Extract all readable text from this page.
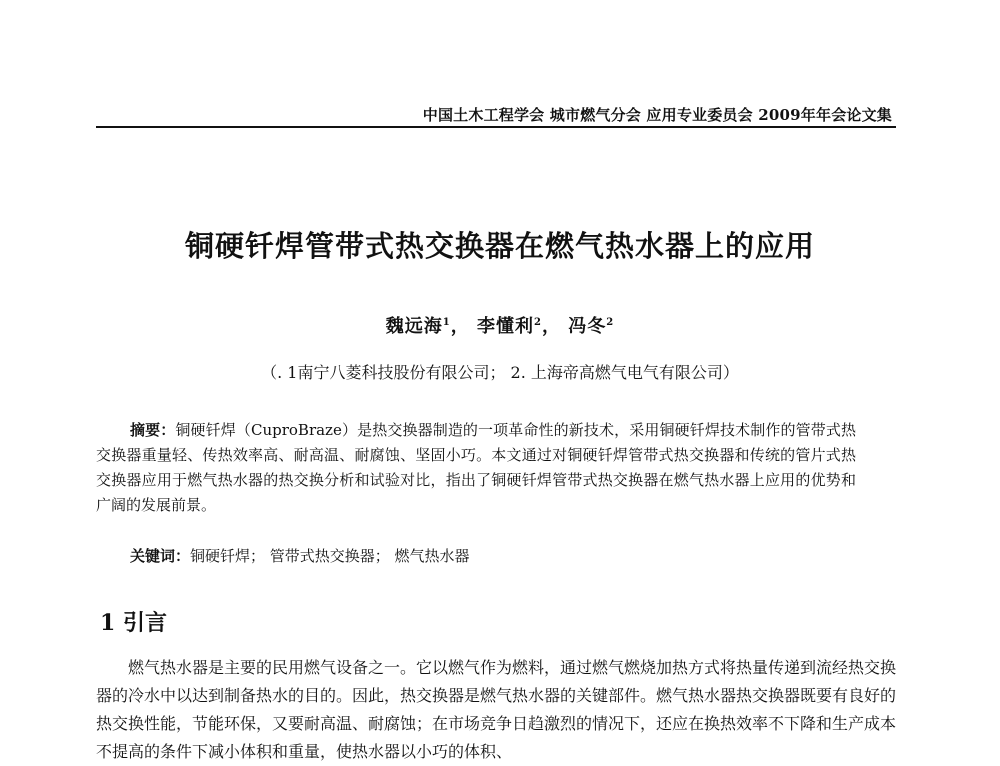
中国土木工程学会 城市燃气分会 应用专业委员会 2009年年会论文集
铜硬钎焊管带式热交换器在燃气热水器上的应用
魏远海$^1$， 李懂利$^2$， 冯冬$^2$
（. 1南宁八菱科技股份有限公司； 2. 上海帝高燃气电气有限公司）

摘要：铜硬钎焊（CuproBraze）是热交换器制造的一项革命性的新技术，采用铜硬钎焊技术制作的管带式热交换器重量轻、传热效率高、耐高温、耐腐蚀、坚固小巧。本文通过对铜硬钎焊管带式热交换器和传统的管片式热交换器应用于燃气热水器的热交换分析和试验对比，指出了铜硬钎焊管带式热交换器在燃气热水器上应用的优势和广阔的发展前景。

关键词：铜硬钎焊； 管带式热交换器； 燃气热水器
1 引言

燃气热水器是主要的民用燃气设备之一。它以燃气作为燃料，通过燃气燃烧加热方式将热量传递到流经热交换器的冷水中以达到制备热水的目的。因此，热交换器是燃气热水器的关键部件。燃气热水器热交换器既要有良好的热交换性能，节能环保，又要耐高温、耐腐蚀；在市场竞争日趋激烈的情况下，还应在换热效率不下降和生产成本不提高的条件下减小体积和重量，使热水器以小巧的体积、
